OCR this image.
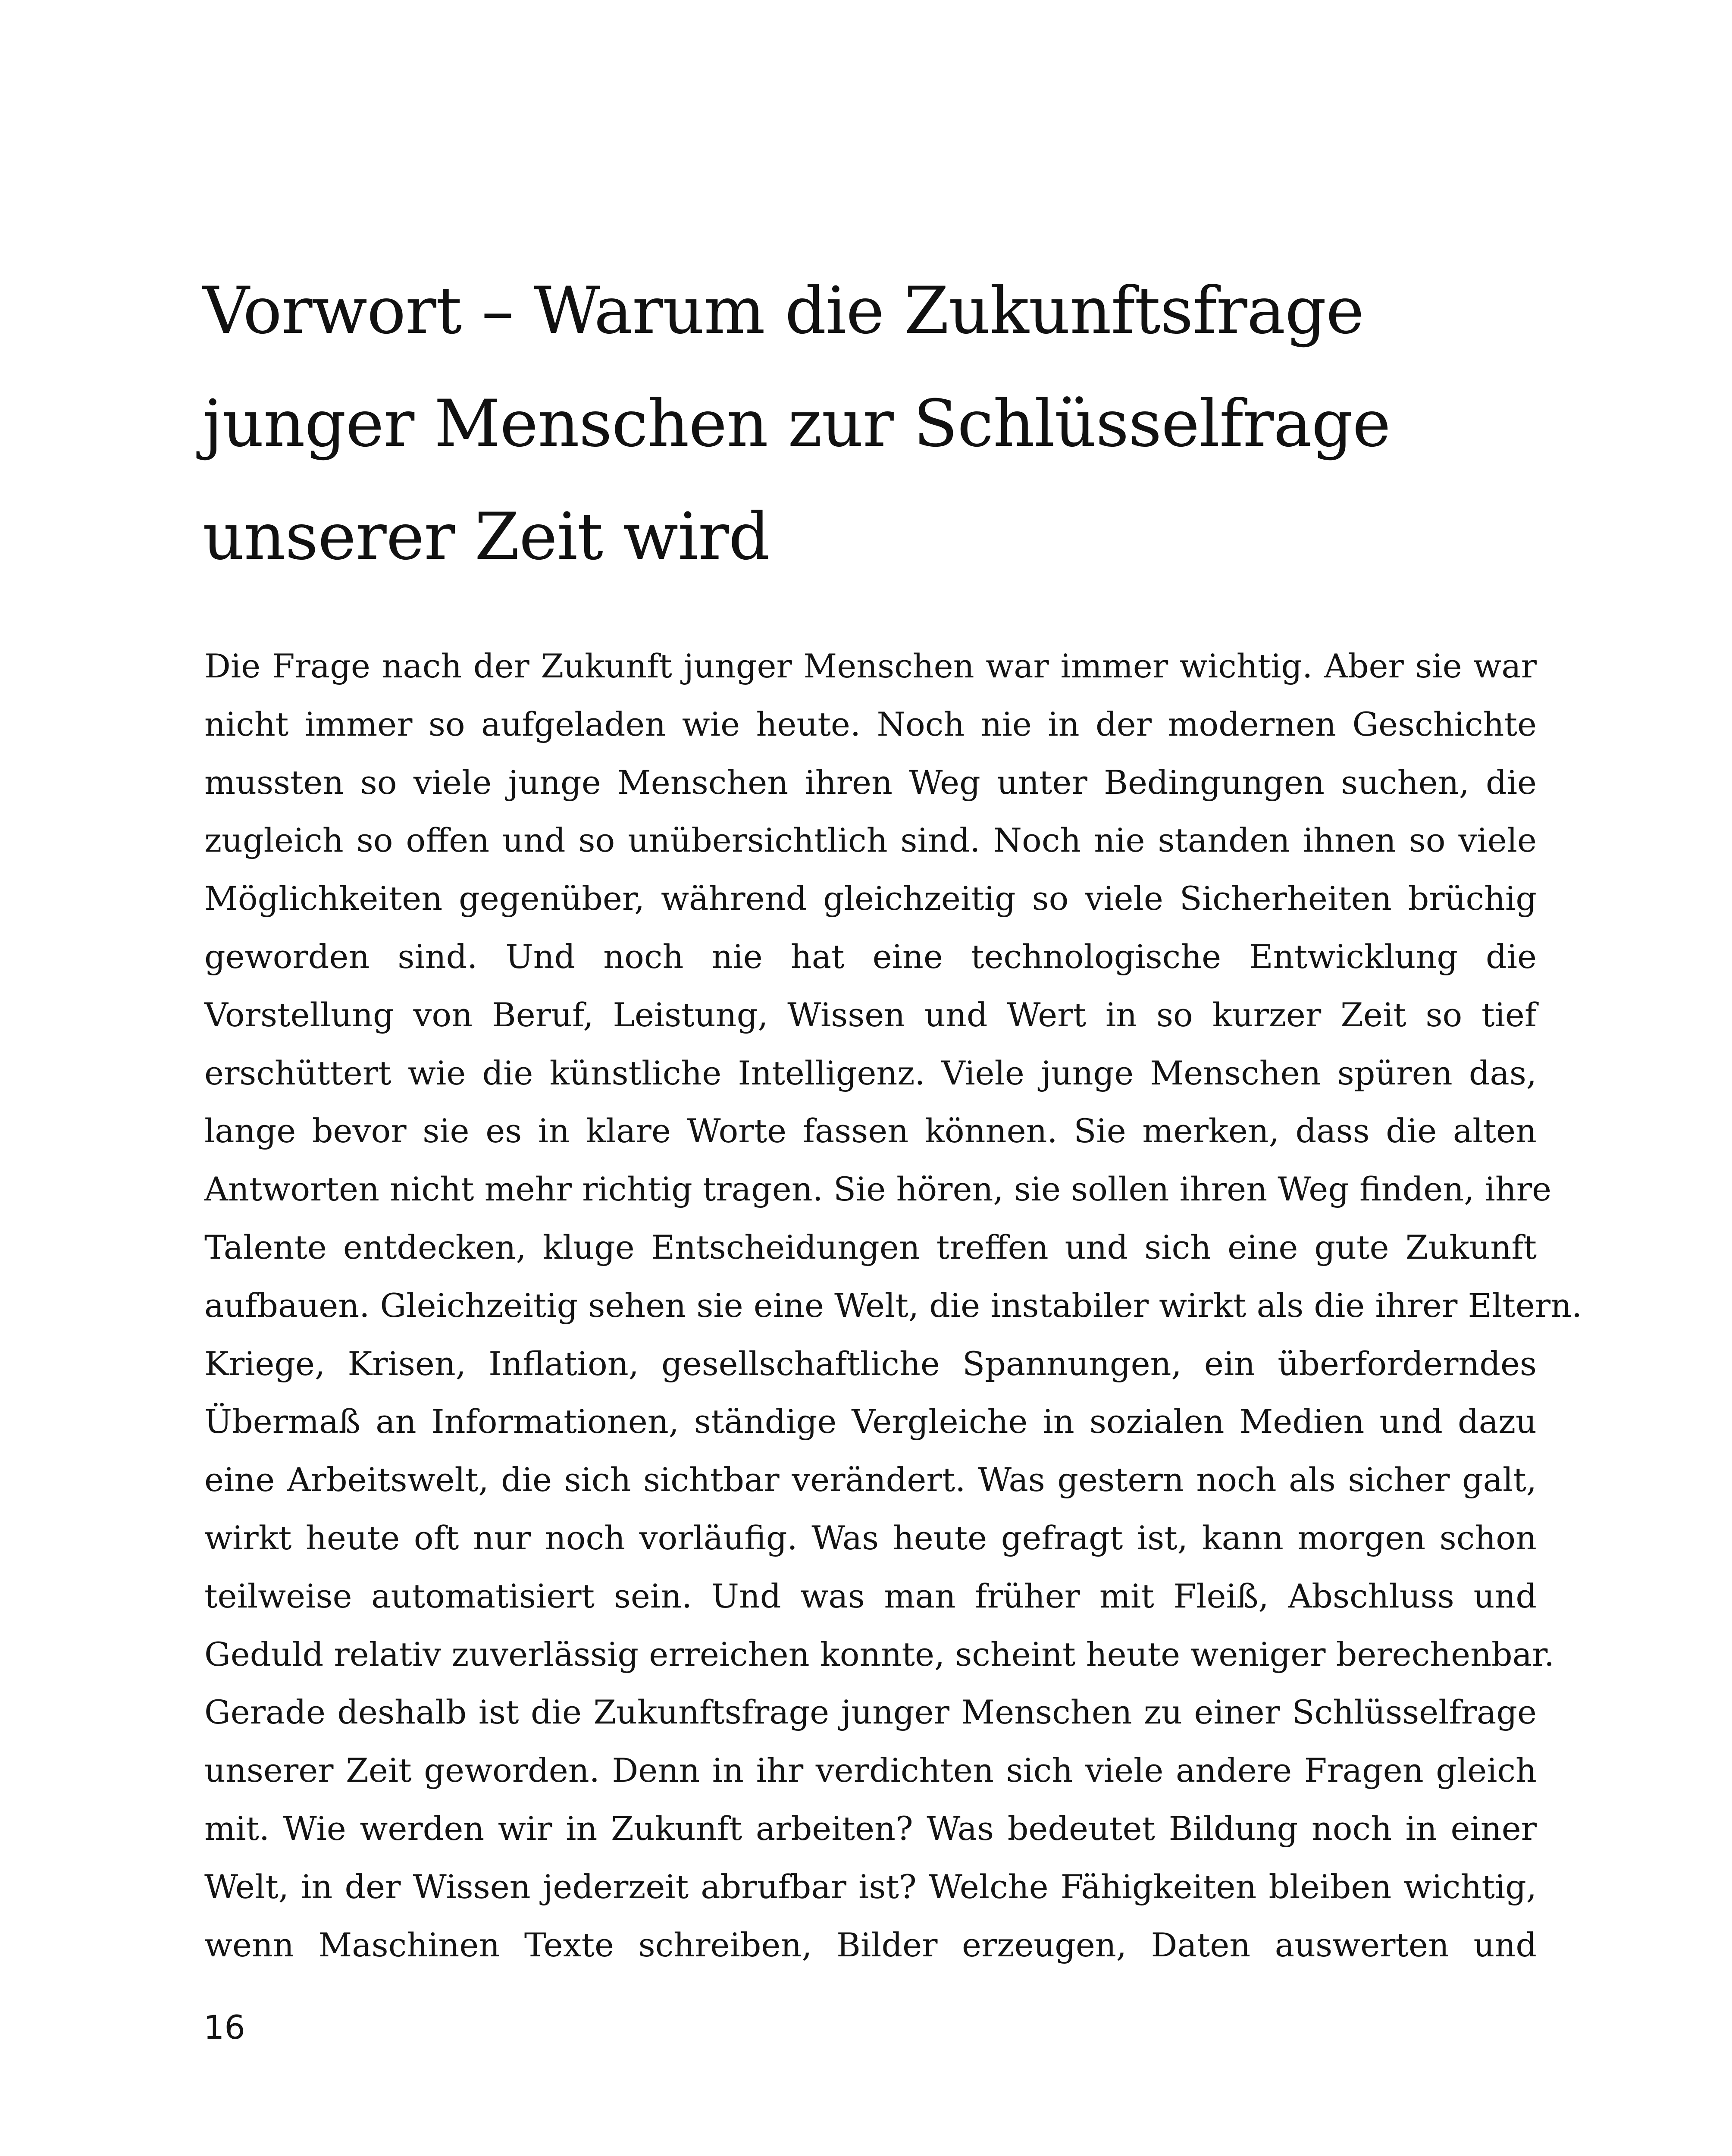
Vorwort – Warum die Zukunftsfrage
junger Menschen zur Schlüsselfrage
unserer Zeit wird
Die Frage nach der Zukunft junger Menschen war immer wichtig. Aber sie war
nicht immer so aufgeladen wie heute. Noch nie in der modernen Geschichte
mussten so viele junge Menschen ihren Weg unter Bedingungen suchen, die
zugleich so offen und so unübersichtlich sind. Noch nie standen ihnen so viele
Möglichkeiten gegenüber, während gleichzeitig so viele Sicherheiten brüchig
geworden sind. Und noch nie hat eine technologische Entwicklung die
Vorstellung von Beruf, Leistung, Wissen und Wert in so kurzer Zeit so tief
erschüttert wie die künstliche Intelligenz. Viele junge Menschen spüren das,
lange bevor sie es in klare Worte fassen können. Sie merken, dass die alten
Antworten nicht mehr richtig tragen. Sie hören, sie sollen ihren Weg finden, ihre
Talente entdecken, kluge Entscheidungen treffen und sich eine gute Zukunft
aufbauen. Gleichzeitig sehen sie eine Welt, die instabiler wirkt als die ihrer Eltern.
Kriege, Krisen, Inflation, gesellschaftliche Spannungen, ein überforderndes
Übermaß an Informationen, ständige Vergleiche in sozialen Medien und dazu
eine Arbeitswelt, die sich sichtbar verändert. Was gestern noch als sicher galt,
wirkt heute oft nur noch vorläufig. Was heute gefragt ist, kann morgen schon
teilweise automatisiert sein. Und was man früher mit Fleiß, Abschluss und
Geduld relativ zuverlässig erreichen konnte, scheint heute weniger berechenbar.
Gerade deshalb ist die Zukunftsfrage junger Menschen zu einer Schlüsselfrage
unserer Zeit geworden. Denn in ihr verdichten sich viele andere Fragen gleich
mit. Wie werden wir in Zukunft arbeiten? Was bedeutet Bildung noch in einer
Welt, in der Wissen jederzeit abrufbar ist? Welche Fähigkeiten bleiben wichtig,
wenn Maschinen Texte schreiben, Bilder erzeugen, Daten auswerten und
16
